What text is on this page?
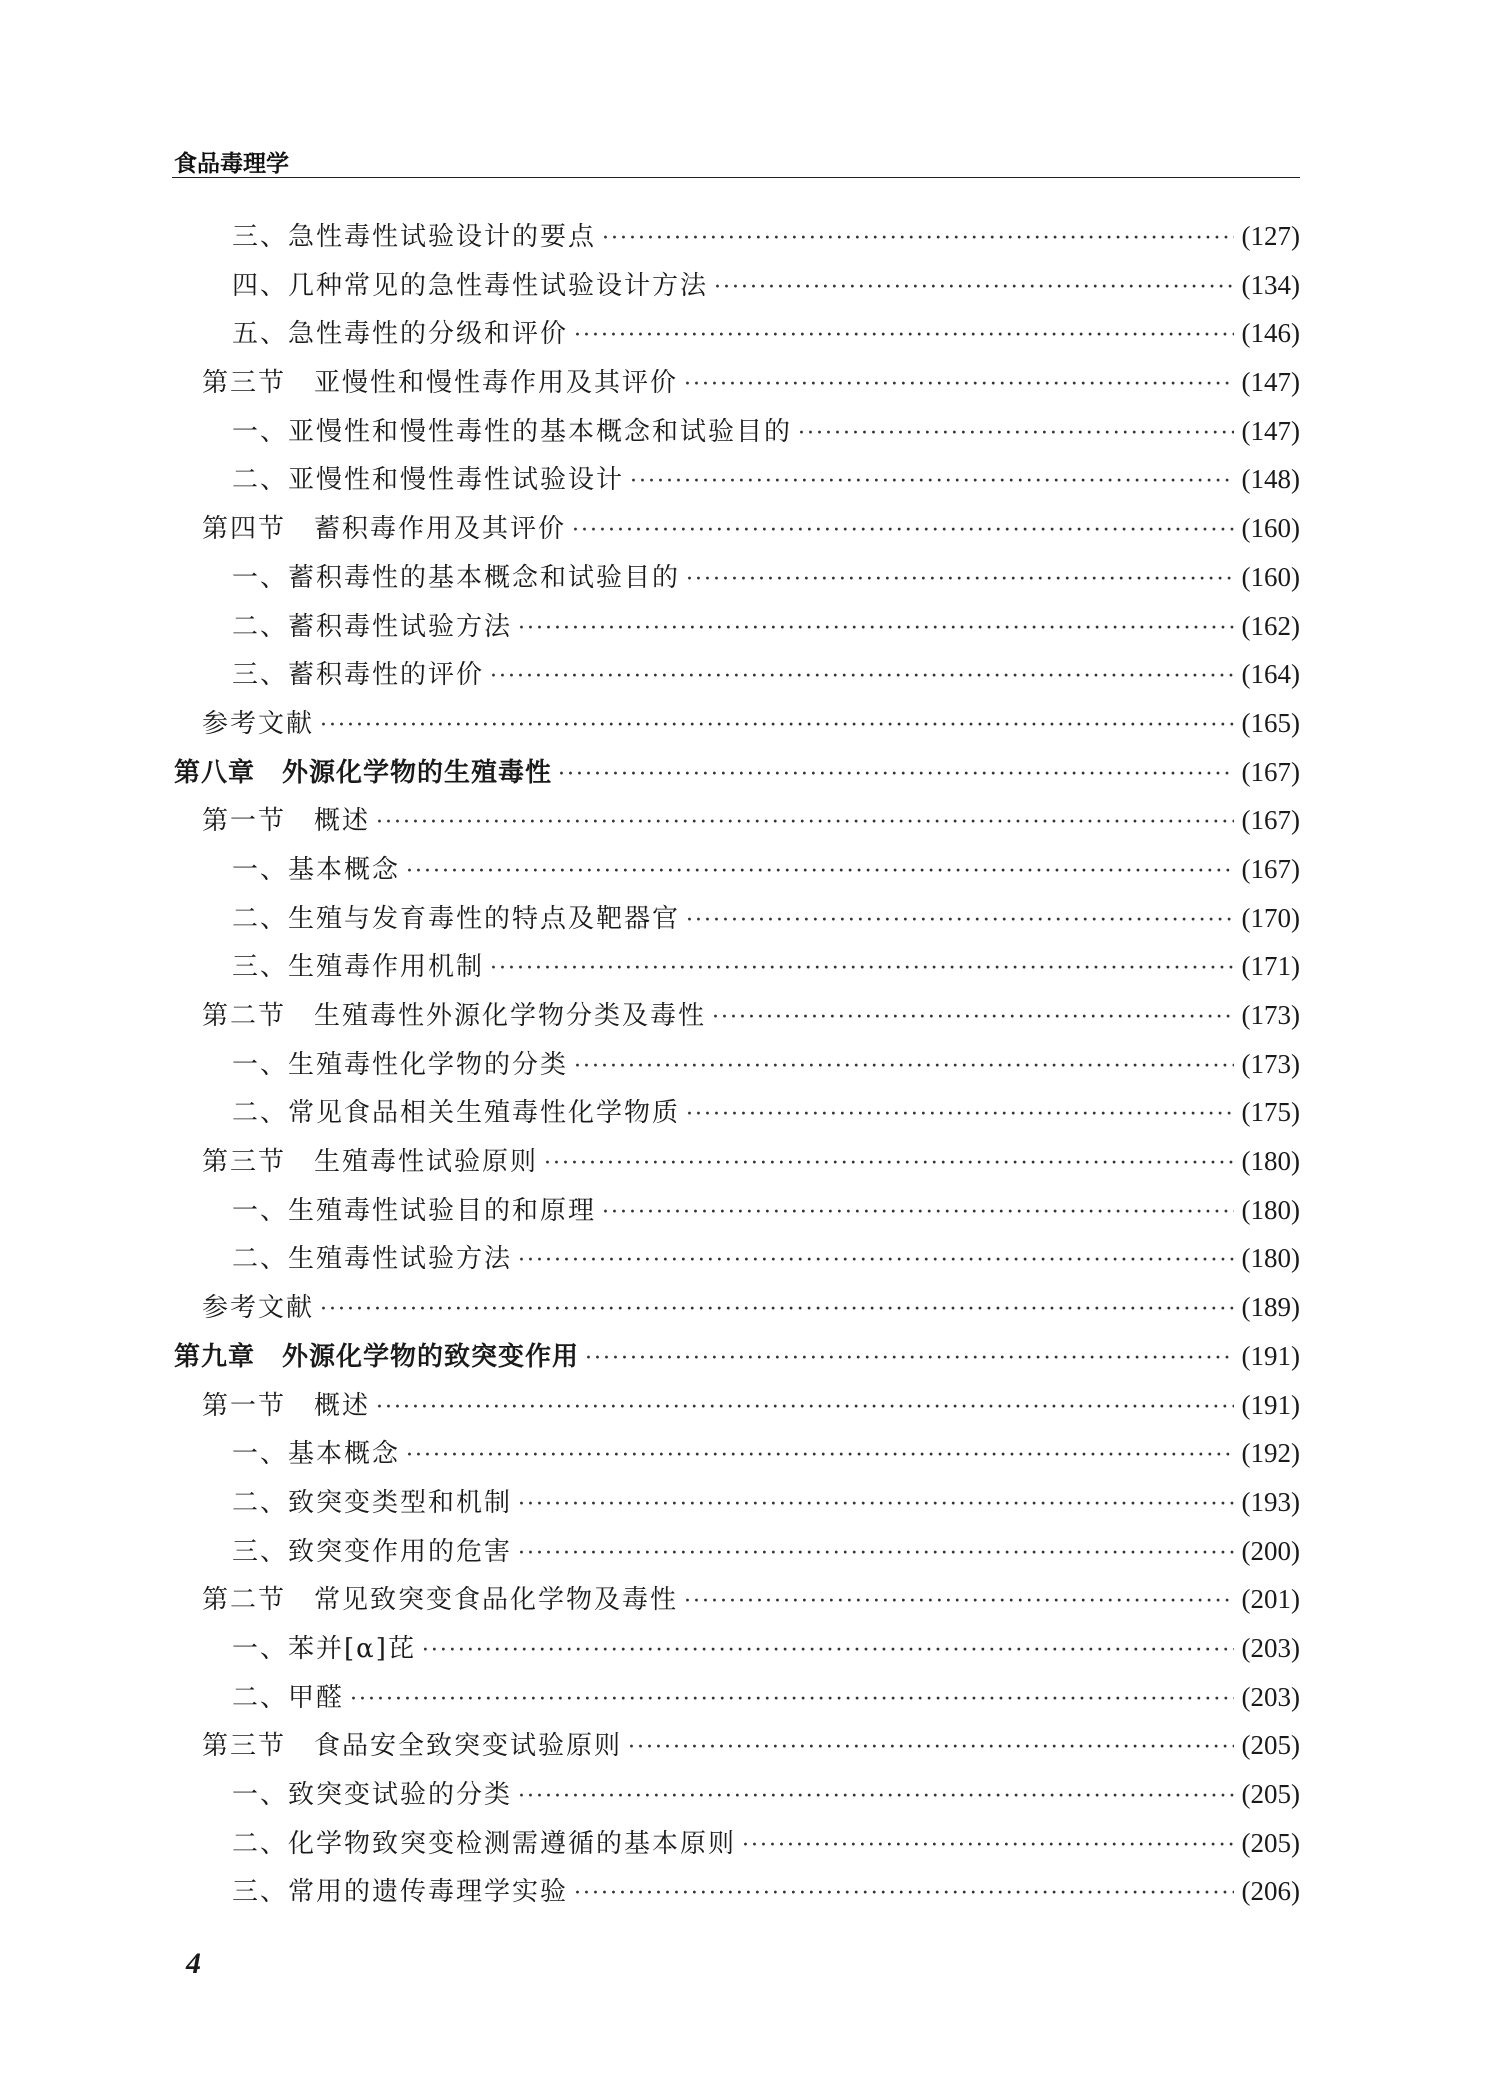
食品毒理学
三、急性毒性试验设计的要点 ·····	(127)
四、几种常见的急性毒性试验设计方法 ·····	(134)
五、急性毒性的分级和评价 ·····	(146)
第三节　亚慢性和慢性毒作用及其评价 ·····	(147)
一、亚慢性和慢性毒性的基本概念和试验目的 ·····	(147)
二、亚慢性和慢性毒性试验设计 ·····	(148)
第四节　蓄积毒作用及其评价 ·····	(160)
一、蓄积毒性的基本概念和试验目的 ·····	(160)
二、蓄积毒性试验方法 ·····	(162)
三、蓄积毒性的评价 ·····	(164)
参考文献 ·····	(165)
第八章　外源化学物的生殖毒性 ·····	(167)
第一节　概述 ·····	(167)
一、基本概念 ·····	(167)
二、生殖与发育毒性的特点及靶器官 ·····	(170)
三、生殖毒作用机制 ·····	(171)
第二节　生殖毒性外源化学物分类及毒性 ·····	(173)
一、生殖毒性化学物的分类 ·····	(173)
二、常见食品相关生殖毒性化学物质 ·····	(175)
第三节　生殖毒性试验原则 ·····	(180)
一、生殖毒性试验目的和原理 ·····	(180)
二、生殖毒性试验方法 ·····	(180)
参考文献 ·····	(189)
第九章　外源化学物的致突变作用 ·····	(191)
第一节　概述 ·····	(191)
一、基本概念 ·····	(192)
二、致突变类型和机制 ·····	(193)
三、致突变作用的危害 ·····	(200)
第二节　常见致突变食品化学物及毒性 ·····	(201)
一、苯并[α]芘 ·····	(203)
二、甲醛 ·····	(203)
第三节　食品安全致突变试验原则 ·····	(205)
一、致突变试验的分类 ·····	(205)
二、化学物致突变检测需遵循的基本原则 ·····	(205)
三、常用的遗传毒理学实验 ·····	(206)
4
